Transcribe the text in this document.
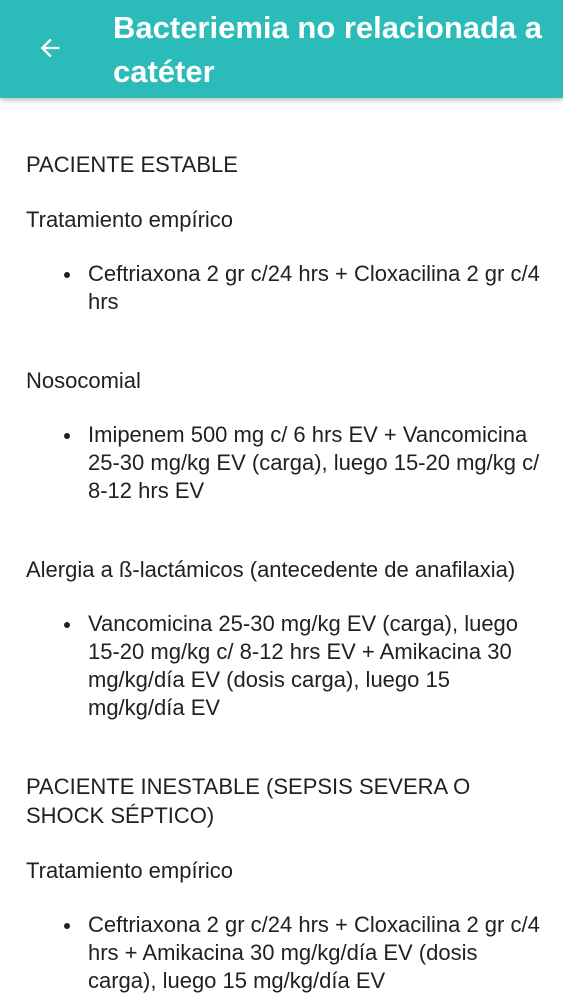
Bacteriemia no relacionada a catéter

PACIENTE ESTABLE

Tratamiento empírico

Ceftriaxona 2 gr c/24 hrs + Cloxacilina 2 gr c/4 hrs

Nosocomial

Imipenem 500 mg c/ 6 hrs EV + Vancomicina 25-30 mg/kg EV (carga), luego 15-20 mg/kg c/ 8-12 hrs EV

Alergia a ß-lactámicos (antecedente de anafilaxia)

Vancomicina 25-30 mg/kg EV (carga), luego 15-20 mg/kg c/ 8-12 hrs EV + Amikacina 30 mg/kg/día EV (dosis carga), luego 15 mg/kg/día EV

PACIENTE INESTABLE (SEPSIS SEVERA O SHOCK SÉPTICO)

Tratamiento empírico

Ceftriaxona 2 gr c/24 hrs + Cloxacilina 2 gr c/4 hrs + Amikacina 30 mg/kg/día EV (dosis carga), luego 15 mg/kg/día EV
